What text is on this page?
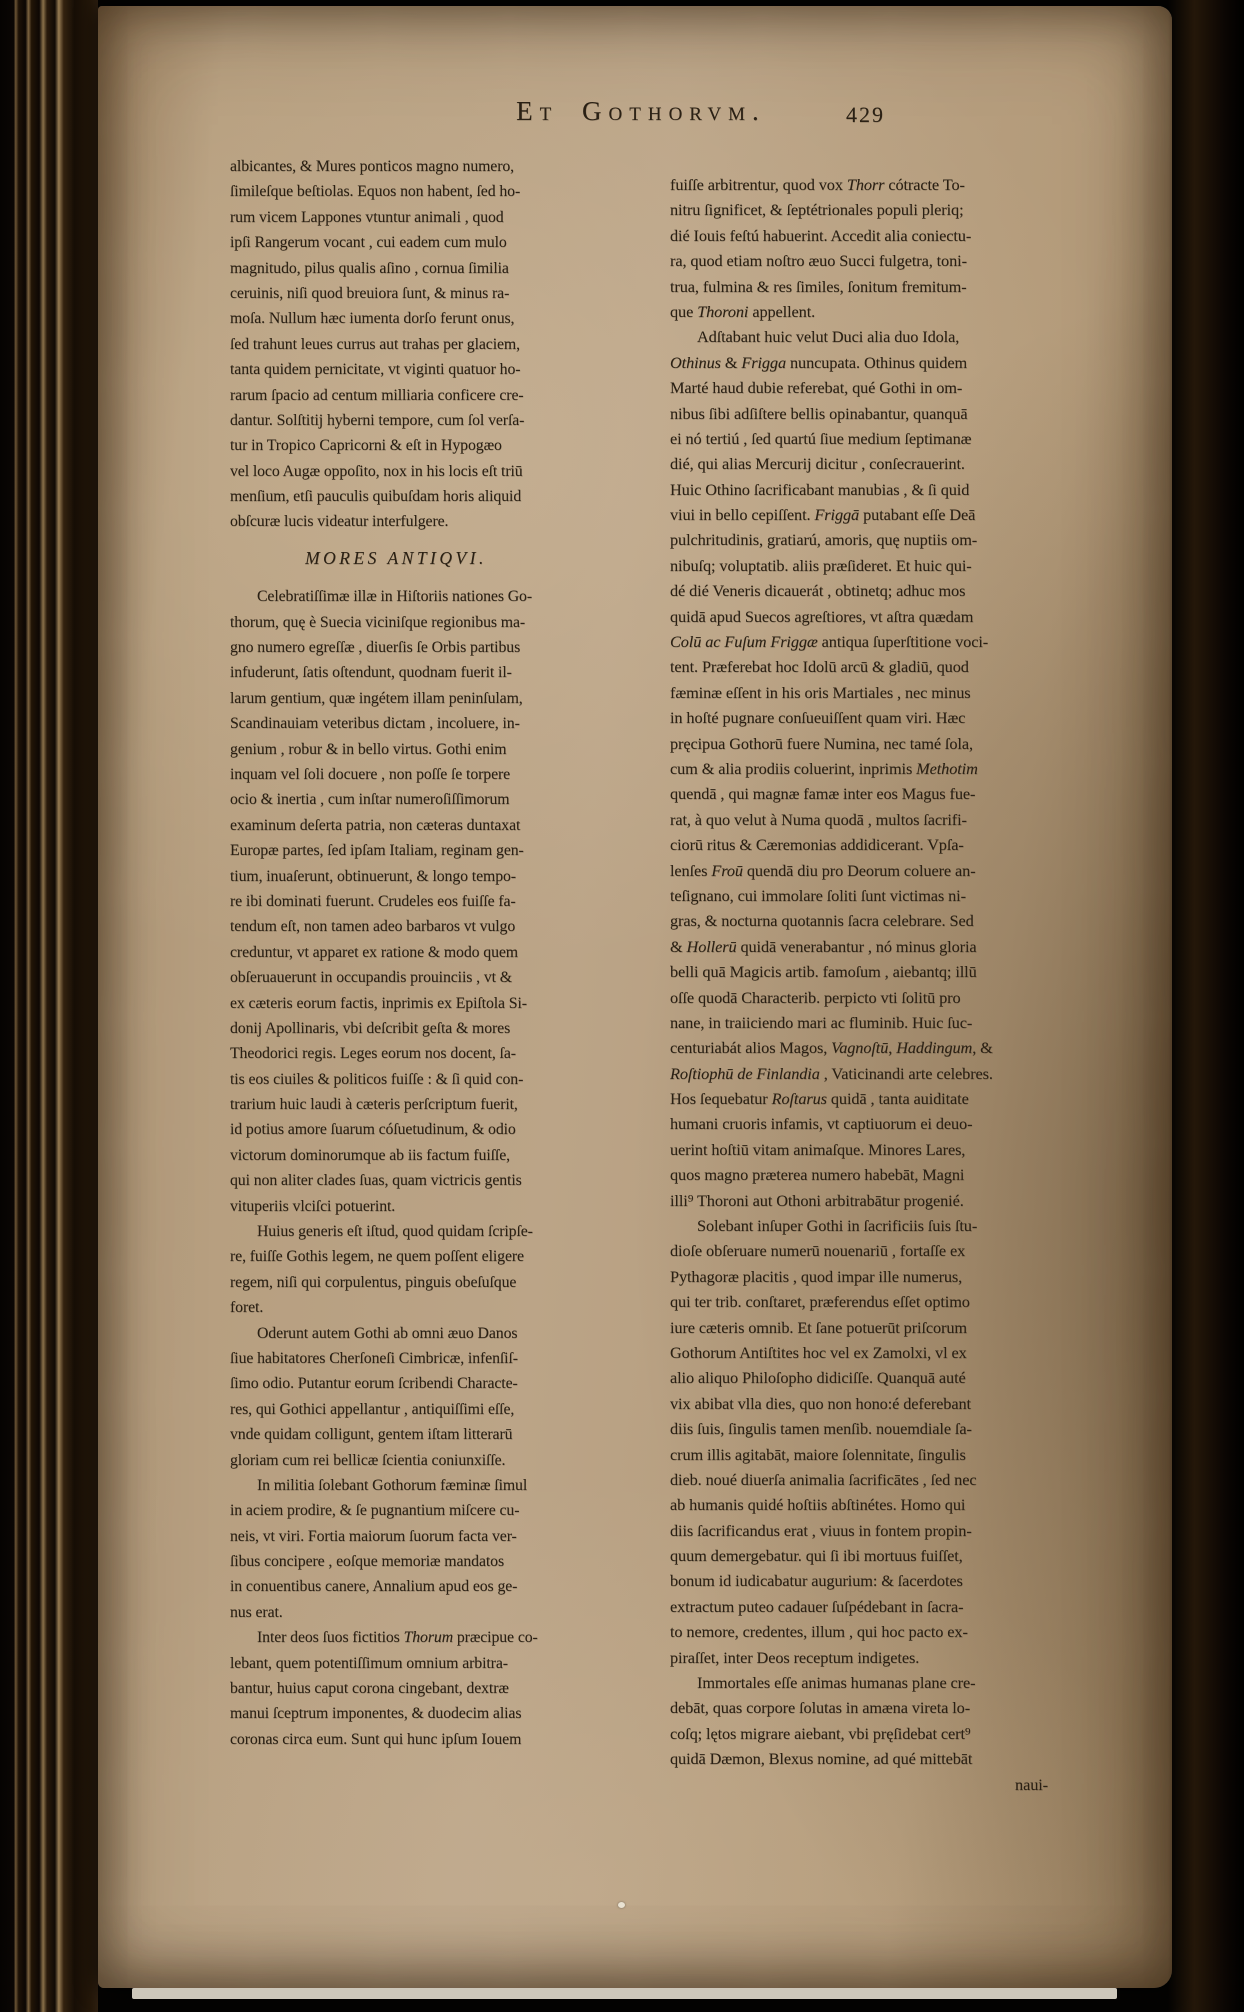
Et Gothorvm.	429
albicantes, & Mures ponticos magno numero,
ſimileſque beſtiolas. Equos non habent, ſed ho-
rum vicem Lappones vtuntur animali , quod
ipſi Rangerum vocant , cui eadem cum mulo
magnitudo, pilus qualis aſino , cornua ſimilia
ceruinis, niſi quod breuiora ſunt, & minus ra-
moſa. Nullum hæc iumenta dorſo ferunt onus,
ſed trahunt leues currus aut trahas per glaciem,
tanta quidem pernicitate, vt viginti quatuor ho-
rarum ſpacio ad centum milliaria conficere cre-
dantur. Solſtitij hyberni tempore, cum ſol verſa-
tur in Tropico Capricorni & eſt in Hypogæo
vel loco Augæ oppoſito, nox in his locis eſt triū
menſium, etſi pauculis quibuſdam horis aliquid
obſcuræ lucis videatur interfulgere.
MORES ANTIQVI.
Celebratiſſimæ illæ in Hiſtoriis nationes Go-
thorum, quę è Suecia viciniſque regionibus ma-
gno numero egreſſæ , diuerſis ſe Orbis partibus
infuderunt, ſatis oſtendunt, quodnam fuerit il-
larum gentium, quæ ingétem illam peninſulam,
Scandinauiam veteribus dictam , incoluere, in-
genium , robur & in bello virtus. Gothi enim
inquam vel ſoli docuere , non poſſe ſe torpere
ocio & inertia , cum inſtar numeroſiſſimorum
examinum deſerta patria, non cæteras duntaxat
Europæ partes, ſed ipſam Italiam, reginam gen-
tium, inuaſerunt, obtinuerunt, & longo tempo-
re ibi dominati fuerunt. Crudeles eos fuiſſe fa-
tendum eſt, non tamen adeo barbaros vt vulgo
creduntur, vt apparet ex ratione & modo quem
obſeruauerunt in occupandis prouinciis , vt &
ex cæteris eorum factis, inprimis ex Epiſtola Si-
donij Apollinaris, vbi deſcribit geſta & mores
Theodorici regis. Leges eorum nos docent, ſa-
tis eos ciuiles & politicos fuiſſe : & ſi quid con-
trarium huic laudi à cæteris perſcriptum fuerit,
id potius amore ſuarum cóſuetudinum, & odio
victorum dominorumque ab iis factum fuiſſe,
qui non aliter clades ſuas, quam victricis gentis
vituperiis vlciſci potuerint.
Huius generis eſt iſtud, quod quidam ſcripſe-
re, fuiſſe Gothis legem, ne quem poſſent eligere
regem, niſi qui corpulentus, pinguis obeſuſque
foret.
Oderunt autem Gothi ab omni æuo Danos
ſiue habitatores Cherſoneſi Cimbricæ, infenſiſ-
ſimo odio. Putantur eorum ſcribendi Characte-
res, qui Gothici appellantur , antiquiſſimi eſſe,
vnde quidam colligunt, gentem iſtam litterarū
gloriam cum rei bellicæ ſcientia coniunxiſſe.
In militia ſolebant Gothorum fæminæ ſimul
in aciem prodire, & ſe pugnantium miſcere cu-
neis, vt viri. Fortia maiorum ſuorum facta ver-
ſibus concipere , eoſque memoriæ mandatos
in conuentibus canere, Annalium apud eos ge-
nus erat.
Inter deos ſuos fictitios Thorum præcipue co-
lebant, quem potentiſſimum omnium arbitra-
bantur, huius caput corona cingebant, dextræ
manui ſceptrum imponentes, & duodecim alias
coronas circa eum. Sunt qui hunc ipſum Iouem
fuiſſe arbitrentur, quod vox Thorr cótracte To-
nitru ſignificet, & ſeptétrionales populi pleriq;
dié Iouis feſtú habuerint. Accedit alia coniectu-
ra, quod etiam noſtro æuo Succi fulgetra, toni-
trua, fulmina & res ſimiles, ſonitum fremitum-
que Thoroni appellent.
Adſtabant huic velut Duci alia duo Idola,
Othinus & Frigga nuncupata. Othinus quidem
Marté haud dubie referebat, qué Gothi in om-
nibus ſibi adſiſtere bellis opinabantur, quanquā
ei nó tertiú , ſed quartú ſiue medium ſeptimanæ
dié, qui alias Mercurij dicitur , conſecrauerint.
Huic Othino ſacrificabant manubias , & ſi quid
viui in bello cepiſſent. Friggā putabant eſſe Deā
pulchritudinis, gratiarú, amoris, quę nuptiis om-
nibuſq; voluptatib. aliis præſideret. Et huic qui-
dé dié Veneris dicauerát , obtinetq; adhuc mos
quidā apud Suecos agreſtiores, vt aſtra quædam
Colū ac Fuſum Friggæ antiqua ſuperſtitione voci-
tent. Præferebat hoc Idolū arcū & gladiū, quod
fæminæ eſſent in his oris Martiales , nec minus
in hoſté pugnare conſueuiſſent quam viri. Hæc
pręcipua Gothorū fuere Numina, nec tamé ſola,
cum & alia prodiis coluerint, inprimis Methotim
quendā , qui magnæ famæ inter eos Magus fue-
rat, à quo velut à Numa quodā , multos ſacrifi-
ciorū ritus & Cæremonias addidicerant. Vpſa-
lenſes Froū quendā diu pro Deorum coluere an-
teſignano, cui immolare ſoliti ſunt victimas ni-
gras, & nocturna quotannis ſacra celebrare. Sed
& Hollerū quidā venerabantur , nó minus gloria
belli quā Magicis artib. famoſum , aiebantq; illū
oſſe quodā Characterib. perpicto vti ſolitū pro
nane, in traiiciendo mari ac fluminib. Huic ſuc-
centuriabát alios Magos, Vagnoſtū, Haddingum, &
Roſtiophū de Finlandia , Vaticinandi arte celebres.
Hos ſequebatur Roſtarus quidā , tanta auiditate
humani cruoris infamis, vt captiuorum ei deuo-
uerint hoſtiū vitam animaſque. Minores Lares,
quos magno præterea numero habebāt, Magni
illi⁹ Thoroni aut Othoni arbitrabātur progenié.
Solebant inſuper Gothi in ſacrificiis ſuis ſtu-
dioſe obſeruare numerū nouenariū , fortaſſe ex
Pythagoræ placitis , quod impar ille numerus,
qui ter trib. conſtaret, præferendus eſſet optimo
iure cæteris omnib. Et ſane potuerūt priſcorum
Gothorum Antiſtites hoc vel ex Zamolxi, vl ex
alio aliquo Philoſopho didiciſſe. Quanquā auté
vix abibat vlla dies, quo non hono:é deferebant
diis ſuis, ſingulis tamen menſib. nouemdiale ſa-
crum illis agitabāt, maiore ſolennitate, ſingulis
dieb. noué diuerſa animalia ſacrificātes , ſed nec
ab humanis quidé hoſtiis abſtinétes. Homo qui
diis ſacrificandus erat , viuus in fontem propin-
quum demergebatur. qui ſi ibi mortuus fuiſſet,
bonum id iudicabatur augurium: & ſacerdotes
extractum puteo cadauer ſuſpédebant in ſacra-
to nemore, credentes, illum , qui hoc pacto ex-
piraſſet, inter Deos receptum indigetes.
Immortales eſſe animas humanas plane cre-
debāt, quas corpore ſolutas in amæna vireta lo-
coſq; lętos migrare aiebant, vbi pręſidebat cert⁹
quidā Dæmon, Blexus nomine, ad qué mittebāt
naui-
